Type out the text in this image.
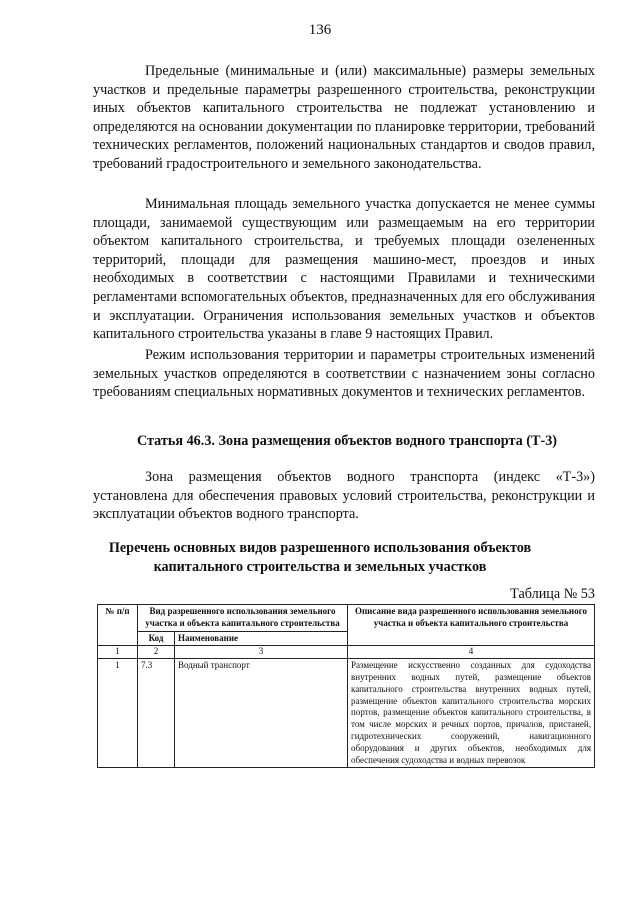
136

Предельные (минимальные и (или) максимальные) размеры земельных участков и предельные параметры разрешенного строительства, реконструкции иных объектов капитального строительства не подлежат установлению и определяются на основании документации по планировке территории, требований технических регламентов, положений национальных стандартов и сводов правил, требований градостроительного и земельного законодательства.

Минимальная площадь земельного участка допускается не менее суммы площади, занимаемой существующим или размещаемым на его территории объектом капитального строительства, и требуемых площади озелененных территорий, площади для размещения машино-мест, проездов и иных необходимых в соответствии с настоящими Правилами и техническими регламентами вспомогательных объектов, предназначенных для его обслуживания и эксплуатации. Ограничения использования земельных участков и объектов капитального строительства указаны в главе 9 настоящих Правил.

Режим использования территории и параметры строительных изменений земельных участков определяются в соответствии с назначением зоны согласно требованиям специальных нормативных документов и технических регламентов.

Статья 46.3. Зона размещения объектов водного транспорта (Т-3)

Зона размещения объектов водного транспорта (индекс «Т-3») установлена для обеспечения правовых условий строительства, реконструкции и эксплуатации объектов водного транспорта.

Перечень основных видов разрешенного использования объектов
капитального строительства и земельных участков
Таблица № 53
№ п/п	Вид разрешенного использования земельного участка и объекта капитального строительства		Описание вида разрешенного использования земельного участка и объекта капитального строительства
	Код	Наименование	
1	2	3	4
1	7.3	Водный транспорт	Размещение искусственно созданных для судоходства внутренних водных путей, размещение объектов капитального строительства внутренних водных путей, размещение объектов капитального строительства морских портов, размещение объектов капитального строительства, в том числе морских и речных портов, причалов, пристаней, гидротехнических сооружений, навигационного оборудования и других объектов, необходимых для обеспечения судоходства и водных перевозок
